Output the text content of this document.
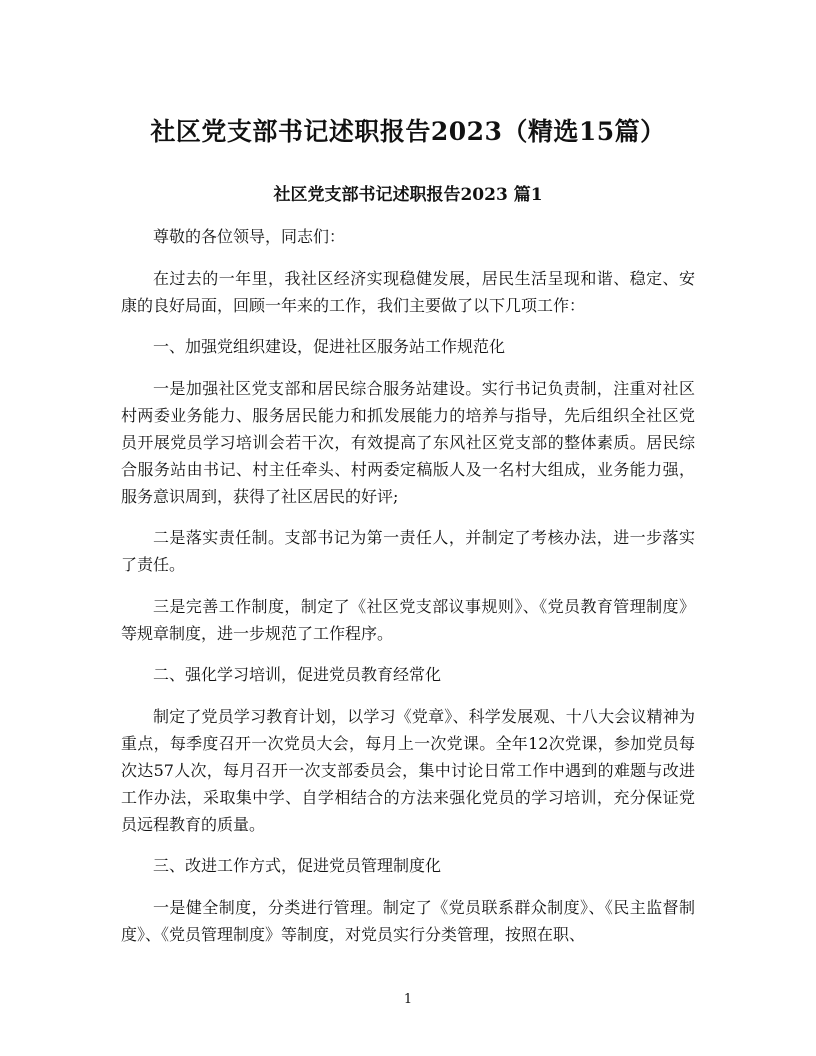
社区党支部书记述职报告2023（精选15篇）
社区党支部书记述职报告2023 篇1

尊敬的各位领导，同志们：

在过去的一年里，我社区经济实现稳健发展，居民生活呈现和谐、稳定、安康的良好局面，回顾一年来的工作，我们主要做了以下几项工作：

一、加强党组织建设，促进社区服务站工作规范化

一是加强社区党支部和居民综合服务站建设。实行书记负责制，注重对社区村两委业务能力、服务居民能力和抓发展能力的培养与指导，先后组织全社区党员开展党员学习培训会若干次，有效提高了东风社区党支部的整体素质。居民综合服务站由书记、村主任牵头、村两委定稿版人及一名村大组成，业务能力强，服务意识周到，获得了社区居民的好评;

二是落实责任制。支部书记为第一责任人，并制定了考核办法，进一步落实了责任。

三是完善工作制度，制定了《社区党支部议事规则》、《党员教育管理制度》等规章制度，进一步规范了工作程序。

二、强化学习培训，促进党员教育经常化

制定了党员学习教育计划，以学习《党章》、科学发展观、十八大会议精神为重点，每季度召开一次党员大会，每月上一次党课。全年12次党课，参加党员每次达57人次，每月召开一次支部委员会，集中讨论日常工作中遇到的难题与改进工作办法，采取集中学、自学相结合的方法来强化党员的学习培训，充分保证党员远程教育的质量。

三、改进工作方式，促进党员管理制度化

一是健全制度，分类进行管理。制定了《党员联系群众制度》、《民主监督制度》、《党员管理制度》等制度，对党员实行分类管理，按照在职、

1
